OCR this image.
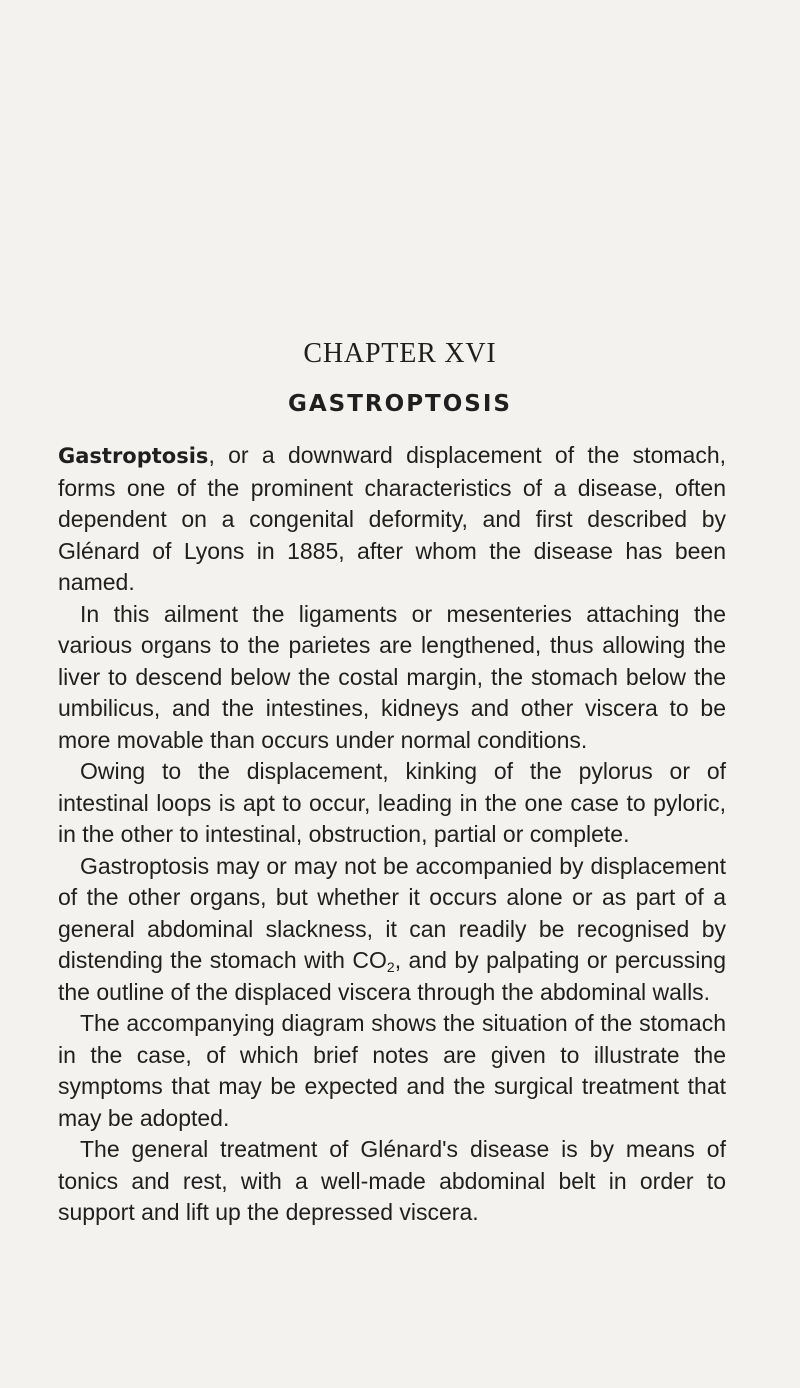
CHAPTER XVI
GASTROPTOSIS

Gastroptosis, or a downward displacement of the stomach, forms one of the prominent characteristics of a disease, often dependent on a congenital deformity, and first described by Glénard of Lyons in 1885, after whom the disease has been named.

In this ailment the ligaments or mesenteries attaching the various organs to the parietes are lengthened, thus allowing the liver to descend below the costal margin, the stomach below the umbilicus, and the intestines, kidneys and other viscera to be more movable than occurs under normal conditions.

Owing to the displacement, kinking of the pylorus or of intestinal loops is apt to occur, leading in the one case to pyloric, in the other to intestinal, obstruction, partial or complete.

Gastroptosis may or may not be accompanied by displacement of the other organs, but whether it occurs alone or as part of a general abdominal slackness, it can readily be recognised by distending the stomach with $CO_2$, and by palpating or percussing the outline of the displaced viscera through the abdominal walls.

The accompanying diagram shows the situation of the stomach in the case, of which brief notes are given to illustrate the symptoms that may be expected and the surgical treatment that may be adopted.

The general treatment of Glénard's disease is by means of tonics and rest, with a well-made abdominal belt in order to support and lift up the depressed viscera.
